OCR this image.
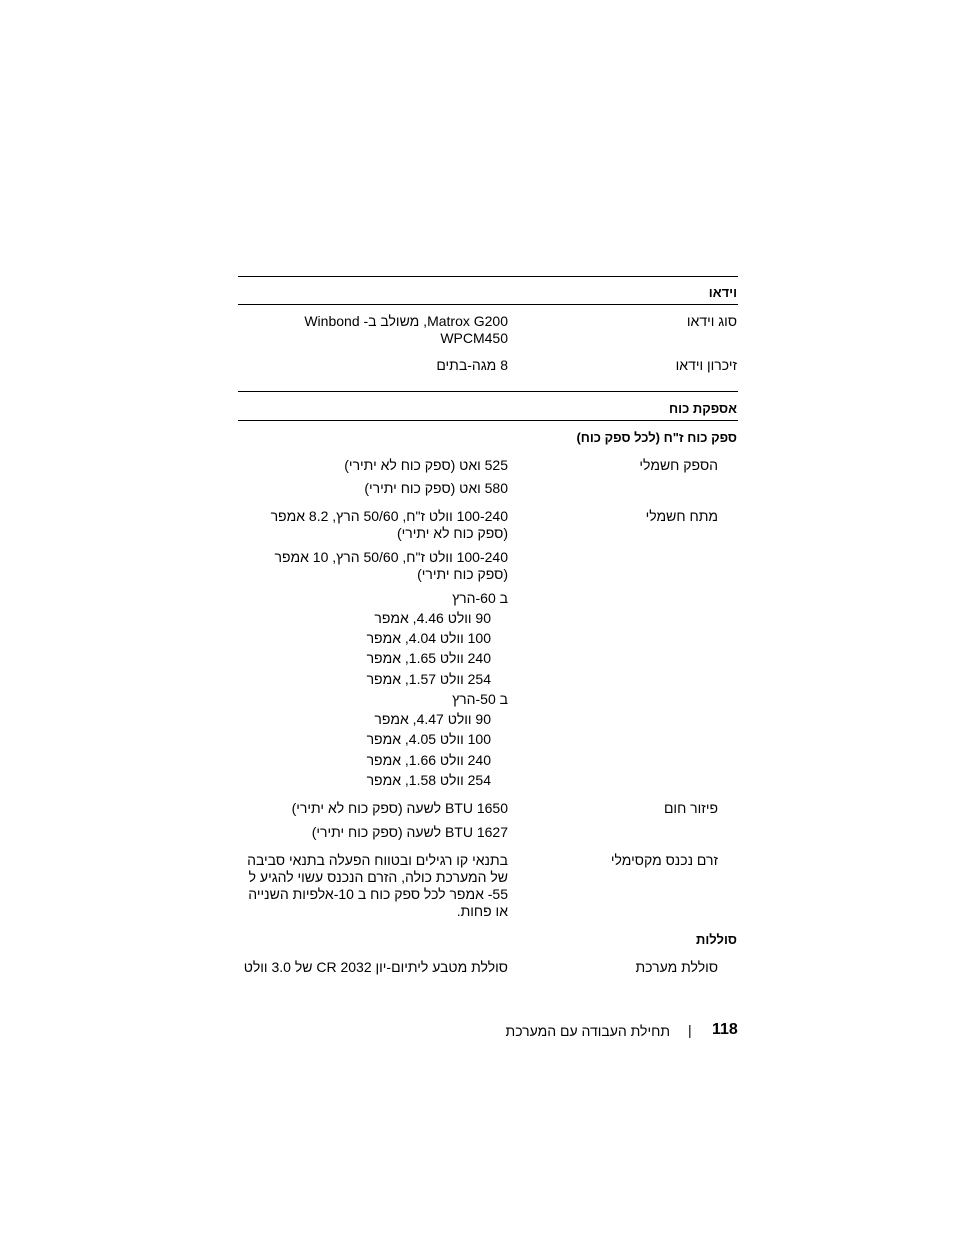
וידאו
סוג וידאו
Matrox G200, משולב ב- Winbond
WPCM450
זיכרון וידאו
8 מגה-בתים
אספקת כוח
ספק כוח ז"ח (לכל ספק כוח)
הספק חשמלי
525 ואט (ספק כוח לא יתירי)
580 ואט (ספק כוח יתירי)
מתח חשמלי
100-240 וולט ז"ח, 50/60 הרץ, 8.2 אמפר (ספק כוח לא יתירי)
100-240 וולט ז"ח, 50/60 הרץ, 10 אמפר (ספק כוח יתירי)
ב 60-הרץ
90 וולט 4.46, אמפר
100 וולט 4.04, אמפר
240 וולט 1.65, אמפר
254 וולט 1.57, אמפר
ב 50-הרץ
90 וולט 4.47, אמפר
100 וולט 4.05, אמפר
240 וולט 1.66, אמפר
254 וולט 1.58, אמפר
פיזור חום
1650 BTU לשעה (ספק כוח לא יתירי)
1627 BTU לשעה (ספק כוח יתירי)
זרם נכנס מקסימלי
בתנאי קו רגילים ובטווח הפעלה בתנאי סביבה של המערכת כולה, הזרם הנכנס עשוי להגיע ל 55- אמפר לכל ספק כוח ב 10-אלפיות השנייה או פחות.
סוללות
סוללת מערכת
סוללת מטבע ליתיום-יון CR 2032 של 3.0 וולט
118
|
תחילת העבודה עם המערכת
